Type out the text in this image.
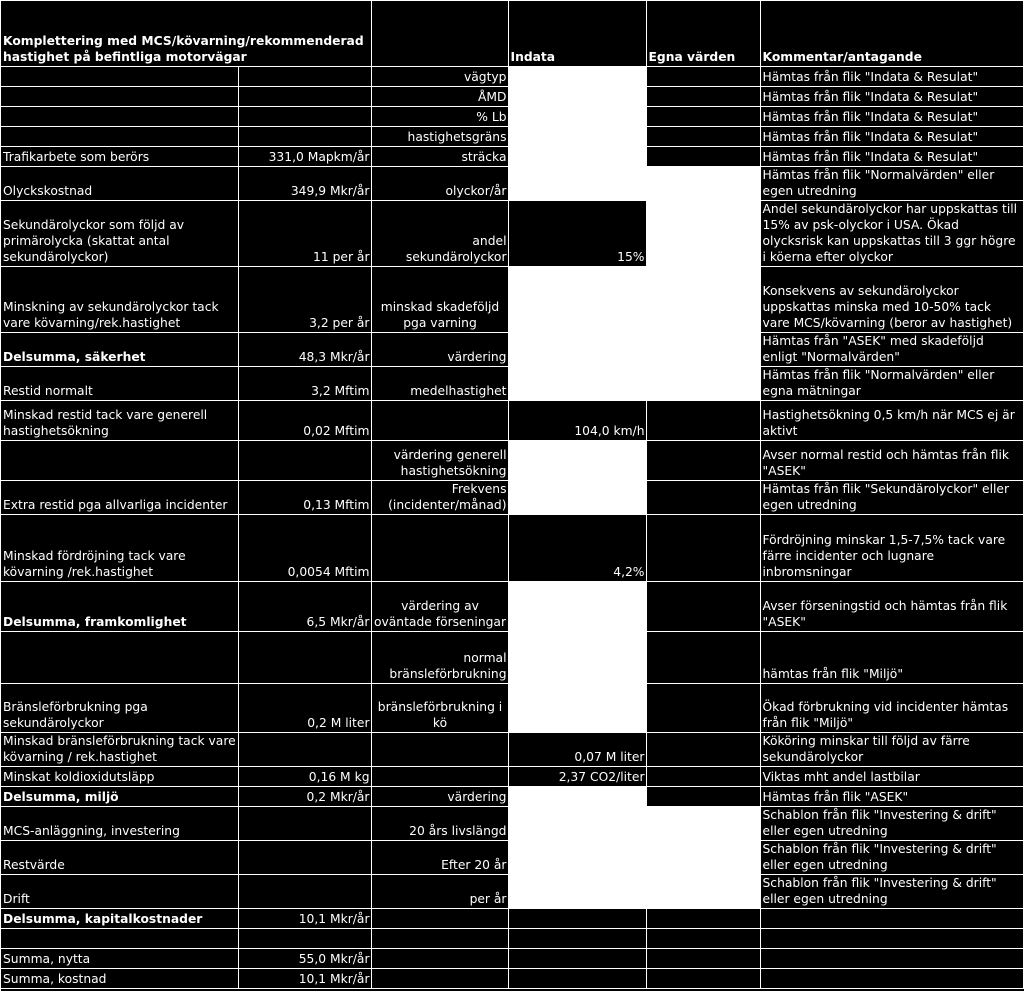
Komplettering med MCS/kövarning/rekommenderad hastighet på befintliga motorvägar			Indata	Egna värden	Kommentar/antagande
		vägtyp			Hämtas från flik "Indata & Resulat"
		ÅMD			Hämtas från flik "Indata & Resulat"
		% Lb			Hämtas från flik "Indata & Resulat"
		hastighetsgräns			Hämtas från flik "Indata & Resulat"
Trafikarbete som berörs	331,0 Mapkm/år	sträcka			Hämtas från flik "Indata & Resulat"
Olyckskostnad	349,9 Mkr/år	olyckor/år			Hämtas från flik "Normalvärden" eller egen utredning
Sekundärolyckor som följd av primärolycka (skattat antal sekundärolyckor)	11 per år	andel sekundärolyckor	15%		Andel sekundärolyckor har uppskattas till 15% av psk-olyckor i USA. Ökad olycksrisk kan uppskattas till 3 ggr högre i köerna efter olyckor
Minskning av sekundärolyckor tack vare kövarning/rek.hastighet	3,2 per år	minskad skadeföljd pga varning			Konsekvens av sekundärolyckor uppskattas minska med 10-50% tack vare MCS/kövarning (beror av hastighet)
Delsumma, säkerhet	48,3 Mkr/år	värdering			Hämtas från "ASEK" med skadeföljd enligt "Normalvärden"
Restid normalt	3,2 Mftim	medelhastighet			Hämtas från flik "Normalvärden" eller egna mätningar
Minskad restid tack vare generell hastighetsökning	0,02 Mftim		104,0 km/h		Hastighetsökning 0,5 km/h när MCS ej är aktivt
		värdering generell hastighetsökning			Avser normal restid och hämtas från flik "ASEK"
Extra restid pga allvarliga incidenter	0,13 Mftim	Frekvens (incidenter/månad)			Hämtas från flik "Sekundärolyckor" eller egen utredning
Minskad fördröjning tack vare kövarning /rek.hastighet	0,0054 Mftim		4,2%		Fördröjning minskar 1,5-7,5% tack vare färre incidenter och lugnare inbromsningar
Delsumma, framkomlighet	6,5 Mkr/år	värdering av oväntade förseningar			Avser förseningstid och hämtas från flik "ASEK"
		normal bränsleförbrukning			hämtas från flik "Miljö"
Bränsleförbrukning pga sekundärolyckor	0,2 M liter	bränsleförbrukning i kö			Ökad förbrukning vid incidenter hämtas från flik "Miljö"
Minskad bränsleförbrukning tack vare kövarning / rek.hastighet			0,07 M liter		Kököring minskar till följd av färre sekundärolyckor
Minskat koldioxidutsläpp	0,16 M kg		2,37 CO2/liter		Viktas mht andel lastbilar
Delsumma, miljö	0,2 Mkr/år	värdering			Hämtas från flik "ASEK"
MCS-anläggning, investering		20 års livslängd			Schablon från flik "Investering & drift" eller egen utredning
Restvärde		Efter 20 år			Schablon från flik "Investering & drift" eller egen utredning
Drift		per år			Schablon från flik "Investering & drift" eller egen utredning
Delsumma, kapitalkostnader	10,1 Mkr/år				

Summa, nytta	55,0 Mkr/år				
Summa, kostnad	10,1 Mkr/år				
